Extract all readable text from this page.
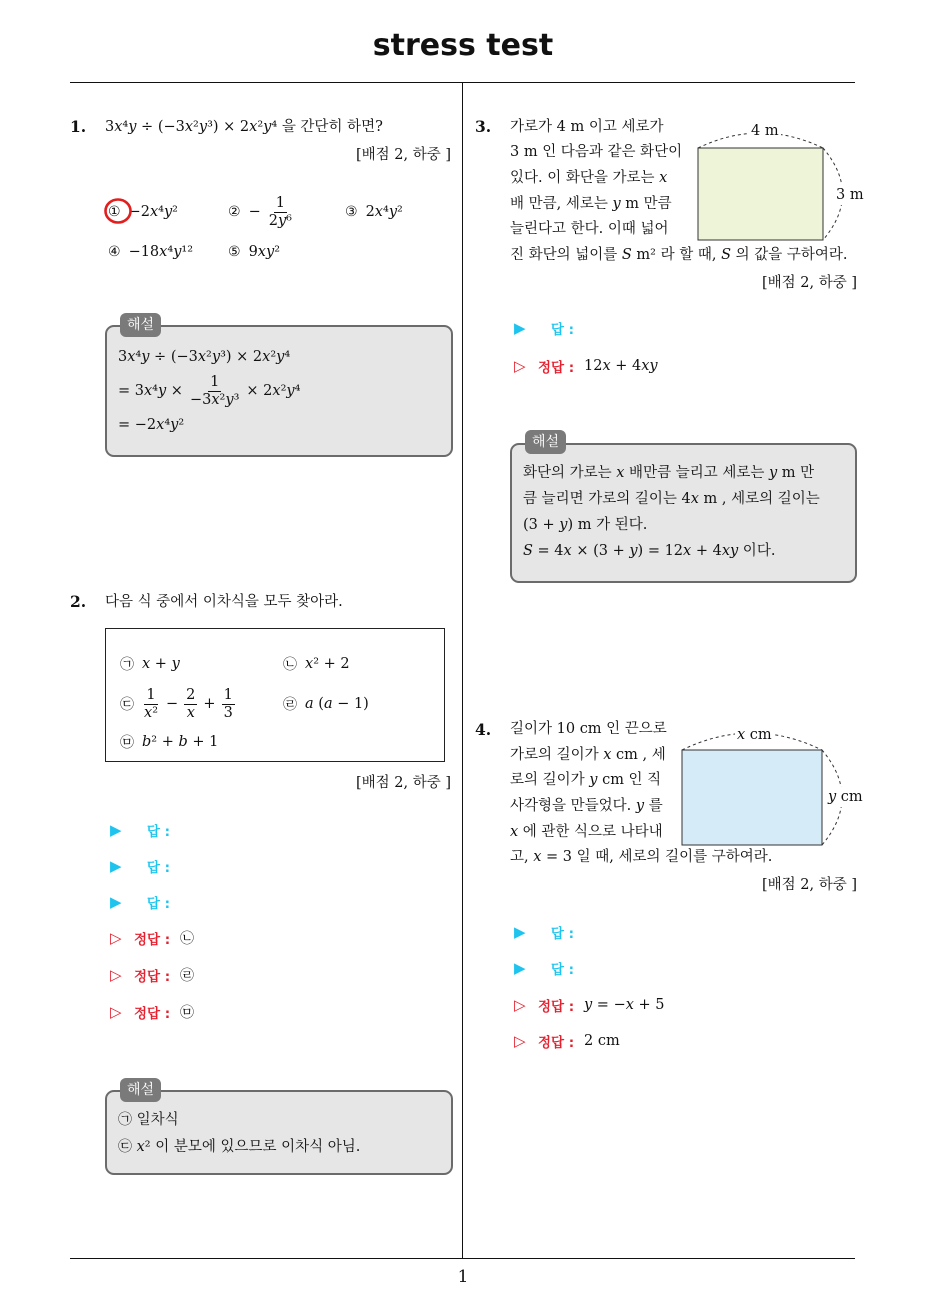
stress test
1
1. 3x⁴y ÷ (−3x²y³) × 2x²y⁴ 을 간단히 하면?
[배점 2, 하중 ]
① −2x⁴y²	② − $\frac{1}{\text{2y⁶}}$	③ 2x⁴y²
④ −18x⁴y¹² ⑤ 9xy²
3x⁴y ÷ (−3x²y³) × 2x²y⁴
= $3x^4y \times \frac{1}{\text{−3x²y³}} \times 2x^2y^4$
= −2x⁴y²
해설
2. 다음 식 중에서 이차식을 모두 찾아라.
㉠ x + y	㉡ x² + 2
㉢ $\frac{1}{\text{x²}} - \frac{2}{x} + \frac{1}{3}$	㉣ a (a − 1)
㉤ b² + b + 1
[배점 2, 하중 ]
▶	답 :
▶	답 :
▶	답 :
▷ 정답 : ㉡
▷ 정답 : ㉣
▷ 정답 : ㉤
㉠ 일차식
㉢ x² 이 분모에 있으므로 이차식 아님.
해설
3. 가로가 4 m 이고 세로가
3 m 인 다음과 같은 화단이
있다. 이 화단을 가로는 x
배 만큼, 세로는 y m 만큼
늘린다고 한다. 이때 넓어
진 화단의 넓이를 S m² 라 할 때, S 의 값을 구하여라.
4 m
3 m
[배점 2, 하중 ]
▶	답 :
▷ 정답 : 12x + 4xy
화단의 가로는 x 배만큼 늘리고 세로는 y m 만
큼 늘리면 가로의 길이는 4x m , 세로의 길이는
(3 + y) m 가 된다.
S = 4x × (3 + y) = 12x + 4xy 이다.
해설
4. 길이가 10 cm 인 끈으로
가로의 길이가 x cm , 세
로의 길이가 y cm 인 직
사각형을 만들었다. y 를
x 에 관한 식으로 나타내
고, x = 3 일 때, 세로의 길이를 구하여라.
x cm
y cm
[배점 2, 하중 ]
▶	답 :
▶	답 :
▷ 정답 : y = −x + 5
▷ 정답 : 2 cm
